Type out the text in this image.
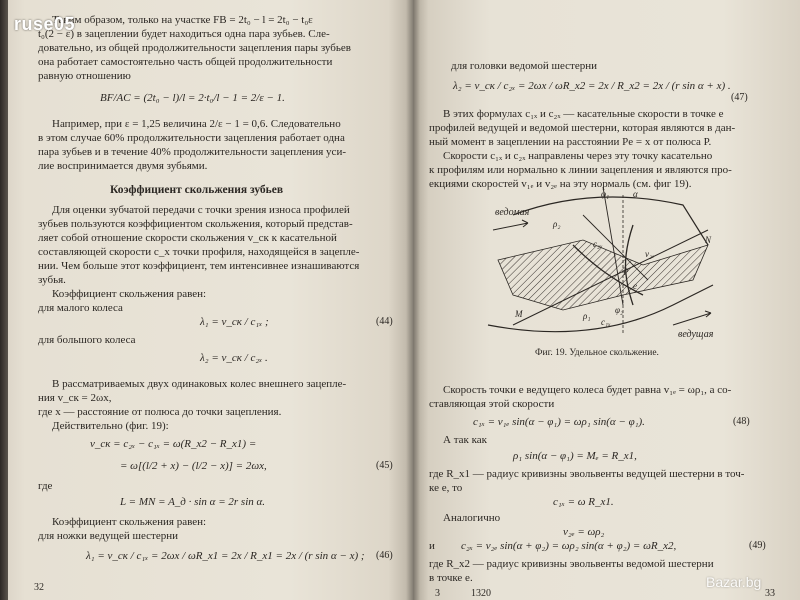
Таким образом, только на участке FB = 2t₀ − l = 2t₀ − t₀ε
t₀(2 − ε) в зацеплении будет находиться одна пара зубьев. Сле-
довательно, из общей продолжительности зацепления пары зубьев
она работает самостоятельно часть общей продолжительности
равную отношению
BF/AC = (2t₀ − l)/l = 2·t₀/l − 1 = 2/ε − 1.
Например, при ε = 1,25 величина 2/ε − 1 = 0,6. Следовательно
в этом случае 60% продолжительности зацепления работает одна
пара зубьев и в течение 40% продолжительности зацепления уси-
лие воспринимается двумя зубьями.
Коэффициент скольжения зубьев
Для оценки зубчатой передачи с точки зрения износа профилей
зубьев пользуются коэффициентом скольжения, который представ-
ляет собой отношение скорости скольжения v_ск к касательной
составляющей скорости c_x точки профиля, находящейся в зацепле-
нии. Чем больше этот коэффициент, тем интенсивнее изнашиваются
зубья.
Коэффициент скольжения равен:
для малого колеса
λ₁ = v_ск / c₁ₓ ;	(44)
для большого колеса
λ₂ = v_ск / c₂ₓ .
В рассматриваемых двух одинаковых колес внешнего зацепле-
ния v_ск = 2ωx,
где x — расстояние от полюса до точки зацепления.
Действительно (фиг. 19):
v_ск = c₂ₓ − c₁ₓ = ω(R_x2 − R_x1) =
= ω[(l/2 + x) − (l/2 − x)] = 2ωx,	(45)
где
L = MN = A_д · sin α = 2r sin α.
Коэффициент скольжения равен:
для ножки ведущей шестерни
λ₁ = v_ск / c₁ₓ = 2ωx / ωR_x1 = 2x / R_x1 = 2x / (r sin α − x) ; (46)
32
для головки ведомой шестерни
λ₂ = v_ск / c₂ₓ = 2ωx / ωR_x2 = 2x / R_x2 = 2x / (r sin α + x) .
(47)
В этих формулах c₁ₓ и c₂ₓ — касательные скорости в точке e
профилей ведущей и ведомой шестерни, которая являются в дан-
ный момент в зацеплении на расстоянии Pe = x от полюса P.
Скорости c₁ₓ и c₂ₓ направлены через эту точку касательно
к профилям или нормально к линии зацепления и являются про-
екциями скоростей v₁ₑ и v₂ₑ на эту нормаль (см. фиг 19).
ведомая
ведущая
φ₁	α
ρ₂
c₂ₓ	N
v₂ₑ
P
e
M	ρ₁
c₁ₓ
φ₂
Фиг. 19. Удельное скольжение.
Скорость точки e ведущего колеса будет равна v₁ₑ = ωρ₁, а со-
ставляющая этой скорости
c₁ₓ = v₁ₑ sin(α − φ₁) = ωρ₁ sin(α − φ₁).	(48)
А так как
ρ₁ sin(α − φ₁) = Mₑ = R_x1,
где R_x1 — радиус кривизны эвольвенты ведущей шестерни в точ-
ке e, то
c₁ₓ = ω R_x1.
Аналогично
v₂ₑ = ωρ₂
и c₂ₓ = v₂ₑ sin(α + φ₂) = ωρ₂ sin(α + φ₂) = ωR_x2,	(49)
где R_x2 — радиус кривизны эвольвенты ведомой шестерни
в точке e.
3	1320	33
ruse05
Bazar.bg
